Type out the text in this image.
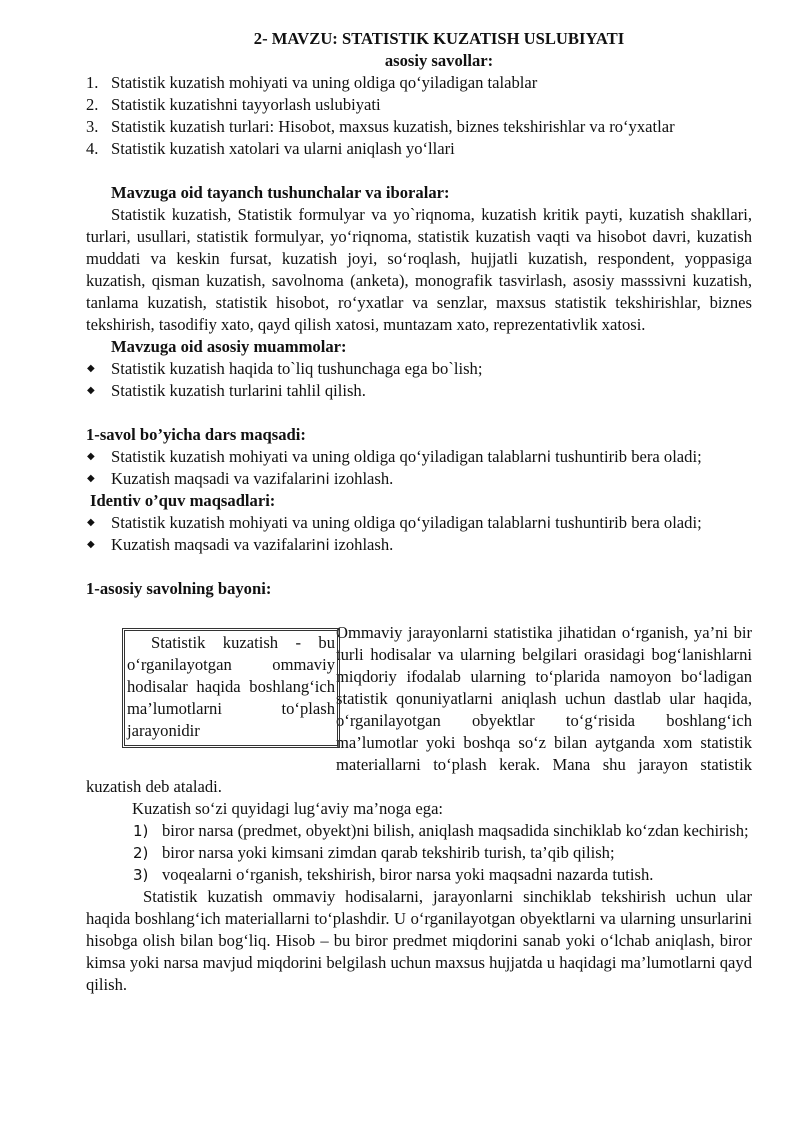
2- MAVZU: STATISTIK KUZATISH USLUBIYATI

asosiy savollar:

1. Statistik kuzatish mohiyati va uning oldiga qo‘yiladigan talablar
2. Statistik kuzatishni tayyorlash uslubiyati
3. Statistik kuzatish turlari: Hisobot, maxsus kuzatish, biznes tekshirishlar va ro‘yxatlar
4. Statistik kuzatish xatolari va ularni aniqlash yo‘llari

Mavzuga oid tayanch tushunchalar va iboralar:

Statistik kuzatish, Statistik formulyar va yo`riqnoma, kuzatish kritik payti, kuzatish shakllari, turlari, usullari, statistik formulyar, yo‘riqnoma, statistik kuzatish vaqti va hisobot davri, kuzatish muddati va keskin fursat, kuzatish joyi, so‘roqlash, hujjatli kuzatish, respondent, yoppasiga kuzatish, qisman kuzatish, savolnoma (anketa), monografik tasvirlash, asosiy masssivni kuzatish, tanlama kuzatish, statistik hisobot, ro‘yxatlar va senzlar, maxsus statistik tekshirishlar, biznes tekshirish, tasodifiy xato, qayd qilish xatosi, muntazam xato, reprezentativlik xatosi.

Mavzuga oid asosiy muammolar:

◆ Statistik kuzatish haqida to`liq tushunchaga ega bo`lish;
◆ Statistik kuzatish turlarini tahlil qilish.

1-savol bo’yicha dars maqsadi:

◆ Statistik kuzatish mohiyati va uning oldiga qo‘yiladigan talablarni tushuntirib bera oladi;
◆ Kuzatish maqsadi va vazifalarini izohlash.

Identiv o’quv maqsadlari:

◆ Statistik kuzatish mohiyati va uning oldiga qo‘yiladigan talablarni tushuntirib bera oladi;
◆ Kuzatish maqsadi va vazifalarini izohlash.

1-asosiy savolning bayoni:

Statistik kuzatish - bu o‘rganilayotgan ommaviy hodisalar haqida boshlang‘ich ma’lumotlarni to‘plash jarayonidir

Ommaviy jarayonlarni statistika jihatidan o‘rganish, ya’ni bir turli hodisalar va ularning belgilari orasidagi bog‘lanishlarni miqdoriy ifodalab ularning to‘plarida namoyon bo‘ladigan statistik qonuniyatlarni aniqlash uchun dastlab ular haqida, o‘rganilayotgan obyektlar to‘g‘risida boshlang‘ich ma’lumotlar yoki boshqa so‘z bilan aytganda xom statistik materiallarni to‘plash kerak. Mana shu jarayon statistik kuzatish deb ataladi.

Kuzatish so‘zi quyidagi lug‘aviy ma’noga ega:

1) biror narsa (predmet, obyekt)ni bilish, aniqlash maqsadida sinchiklab ko‘zdan kechirish;
2) biror narsa yoki kimsani zimdan qarab tekshirib turish, ta’qib qilish;
3) voqealarni o‘rganish, tekshirish, biror narsa yoki maqsadni nazarda tutish.

Statistik kuzatish ommaviy hodisalarni, jarayonlarni sinchiklab tekshirish uchun ular haqida boshlang‘ich materiallarni to‘plashdir. U o‘rganilayotgan obyektlarni va ularning unsurlarini hisobga olish bilan bog‘liq. Hisob – bu biror predmet miqdorini sanab yoki o‘lchab aniqlash, biror kimsa yoki narsa mavjud miqdorini belgilash uchun maxsus hujjatda u haqidagi ma’lumotlarni qayd qilish.
